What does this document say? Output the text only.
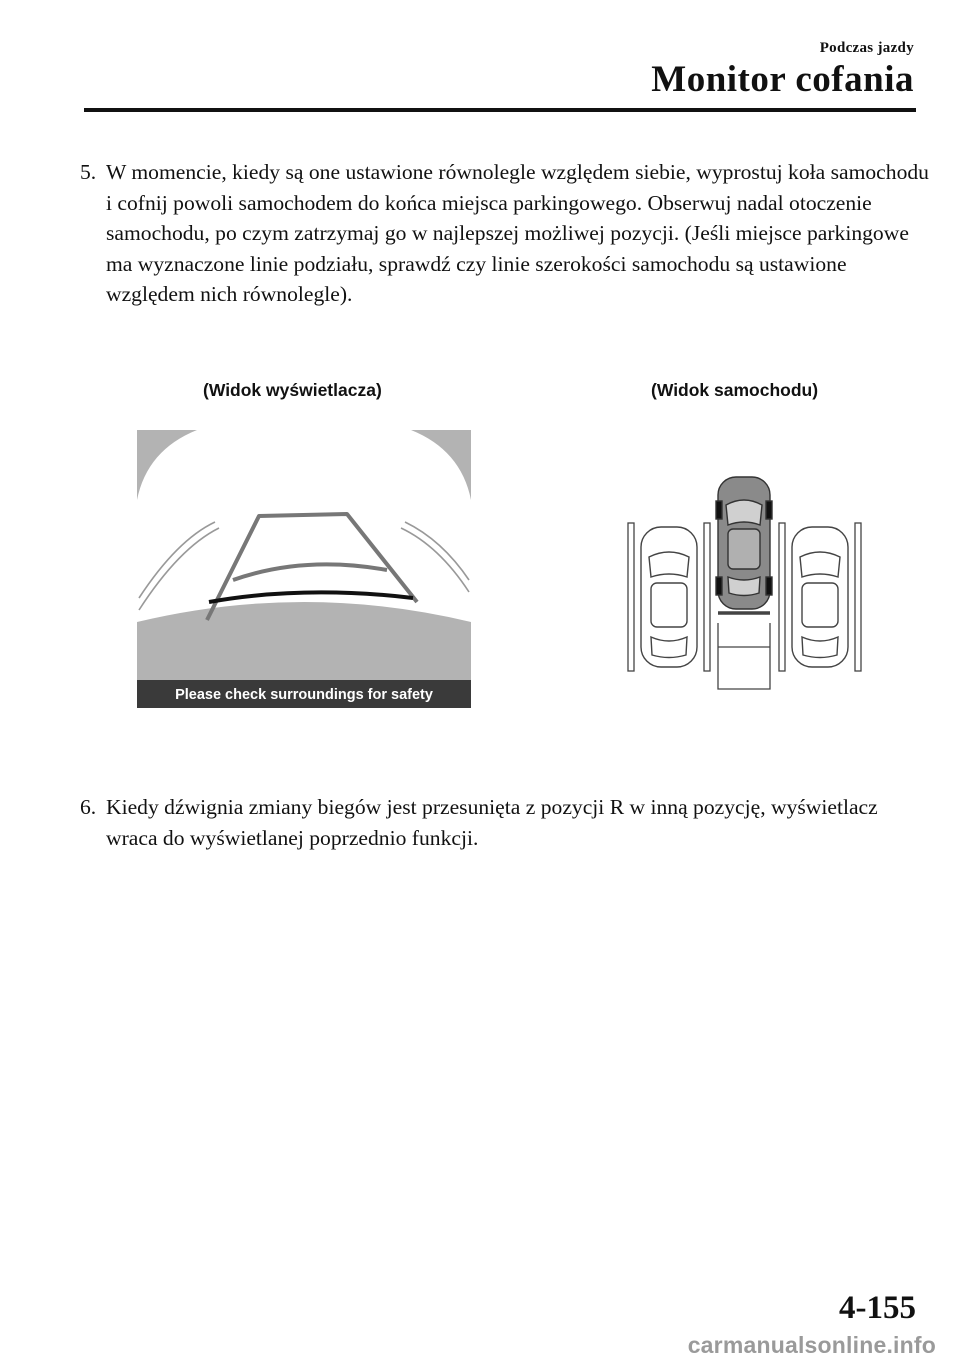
Podczas jazdy
Monitor cofania
5. W momencie, kiedy są one ustawione równolegle względem siebie, wyprostuj koła samochodu i cofnij powoli samochodem do końca miejsca parkingowego. Obserwuj nadal otoczenie samochodu, po czym zatrzymaj go w najlepszej możliwej pozycji. (Jeśli miejsce parkingowe ma wyznaczone linie podziału, sprawdź czy linie szerokości samochodu są ustawione względem nich równolegle).
(Widok wyświetlacza)	(Widok samochodu)
Please check surroundings for safety
6. Kiedy dźwignia zmiany biegów jest przesunięta z pozycji R w inną pozycję, wyświetlacz wraca do wyświetlanej poprzednio funkcji.
4-155
carmanualsonline.info
